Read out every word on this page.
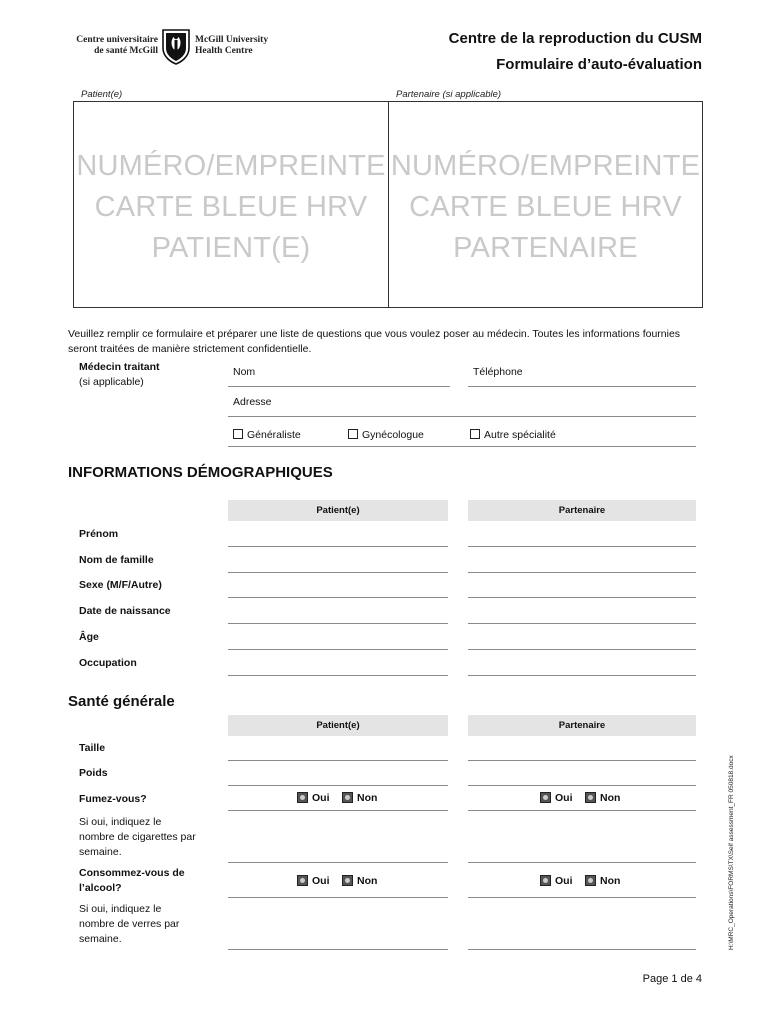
Centre universitaire
de santé McGill
McGill University
Health Centre
Centre de la reproduction du CUSM
Formulaire d’auto-évaluation
Patient(e)	Partenaire (si applicable)
NUMÉRO/EMPREINTE
CARTE BLEUE HRV
PATIENT(E)
NUMÉRO/EMPREINTE
CARTE BLEUE HRV
PARTENAIRE
Veuillez remplir ce formulaire et préparer une liste de questions que vous voulez poser au médecin. Toutes les informations fournies seront traitées de manière strictement confidentielle.
Médecin traitant
(si applicable)
Nom	Téléphone
Adresse
Généraliste	Gynécologue	Autre spécialité
INFORMATIONS DÉMOGRAPHIQUES
Patient(e)	Partenaire
Prénom
Nom de famille
Sexe (M/F/Autre)
Date de naissance
Âge
Occupation
Santé générale
Patient(e)	Partenaire
Taille
Poids
Fumez-vous?	Oui	Non	Oui	Non
Si oui, indiquez le
nombre de cigarettes par
semaine.
Consommez-vous de
l’alcool?
Oui	Non	Oui	Non
Si oui, indiquez le
nombre de verres par
semaine.	H:\MRC_Operations\FORMS\TX\Self assessment_FR 050818.docx
Page 1 de 4
